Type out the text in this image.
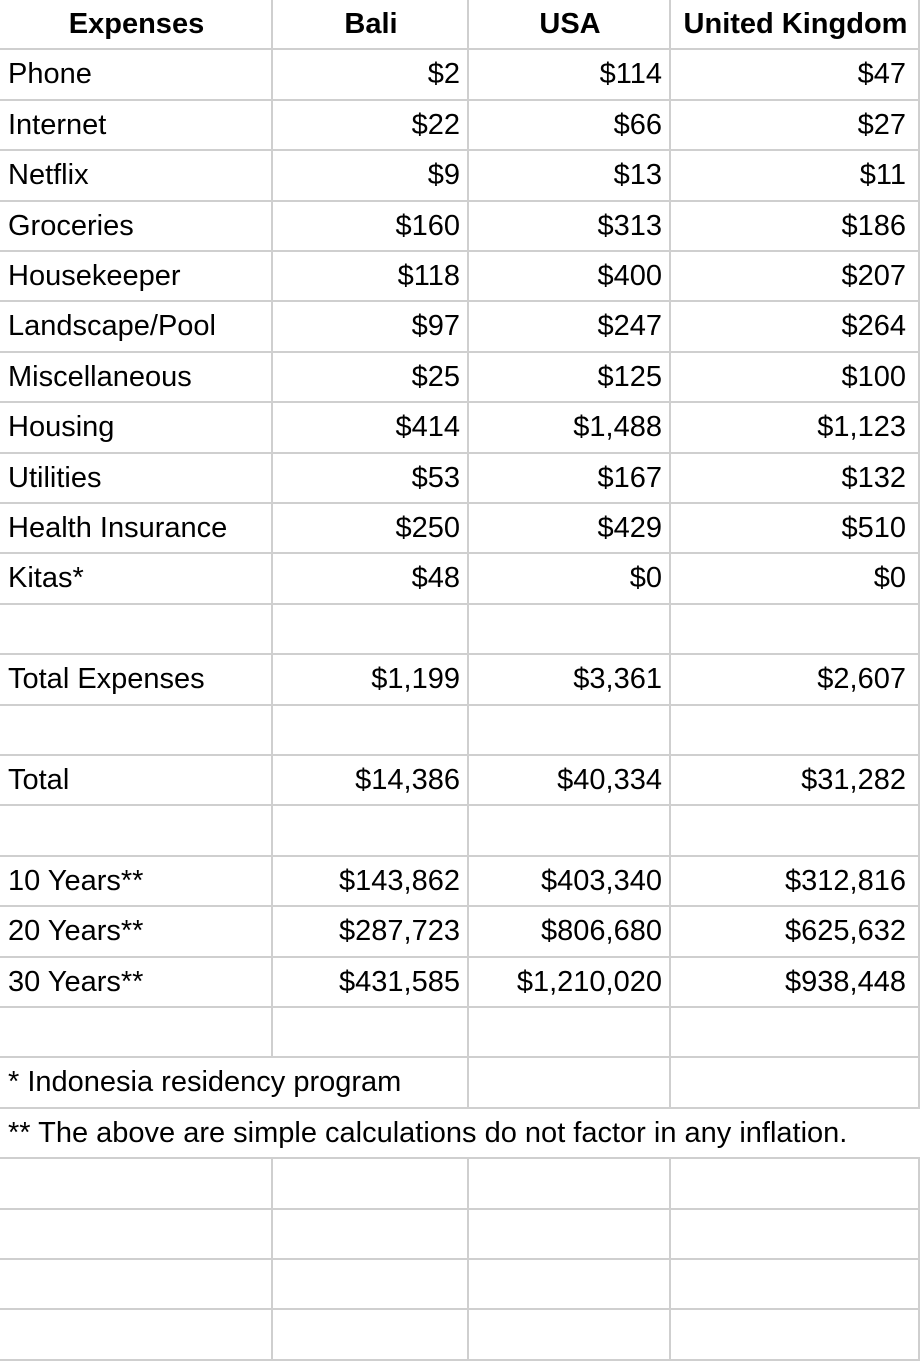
Expenses	Bali	USA	United Kingdom
Phone	$2	$114	$47
Internet	$22	$66	$27
Netflix	$9	$13	$11
Groceries	$160	$313	$186
Housekeeper	$118	$400	$207
Landscape/Pool	$97	$247	$264
Miscellaneous	$25	$125	$100
Housing	$414	$1,488	$1,123
Utilities	$53	$167	$132
Health Insurance	$250	$429	$510
Kitas*	$48	$0	$0
Total Expenses	$1,199	$3,361	$2,607
Total	$14,386	$40,334	$31,282
10 Years**	$143,862	$403,340	$312,816
20 Years**	$287,723	$806,680	$625,632
30 Years**	$431,585	$1,210,020	$938,448
* Indonesia residency program
** The above are simple calculations do not factor in any inflation.
